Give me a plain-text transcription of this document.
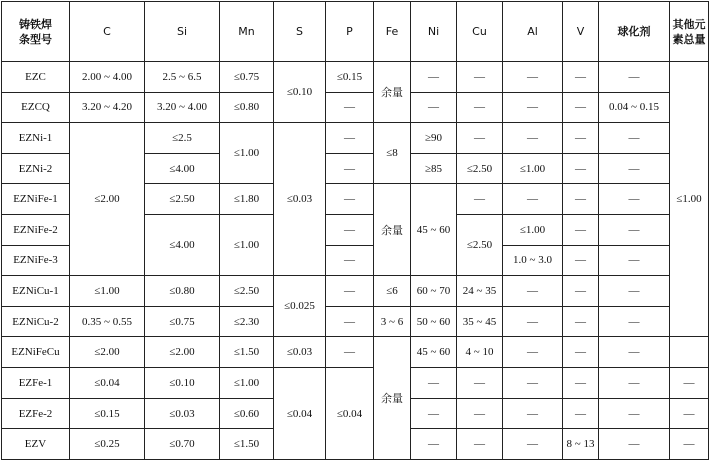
铸铁焊
条型号	C	Si	Mn	S	P	Fe	Ni	Cu	Al	V	球化剂	其他元
素总量
EZC	2.00 ~ 4.00	2.5 ~ 6.5	≤0.75	≤0.10	≤0.15	余量	—	—	—	—	—	≤1.00
EZCQ	3.20 ~ 4.20	3.20 ~ 4.00	≤0.80		—		—	—	—	—	0.04 ~ 0.15	
EZNi-1	≤2.00	≤2.5	≤1.00	≤0.03	—	≤8	≥90	—	—	—	—	
EZNi-2		≤4.00			—		≥85	≤2.50	≤1.00	—	—	
EZNiFe-1		≤2.50	≤1.80		—	余量	45 ~ 60	—	—	—	—	
EZNiFe-2		≤4.00	≤1.00		—			≤2.50	≤1.00	—	—	
EZNiFe-3					—				1.0 ~ 3.0	—	—	
EZNiCu-1	≤1.00	≤0.80	≤2.50	≤0.025	—	≤6	60 ~ 70	24 ~ 35	—	—	—	
EZNiCu-2	0.35 ~ 0.55	≤0.75	≤2.30		—	3 ~ 6	50 ~ 60	35 ~ 45	—	—	—	
EZNiFeCu	≤2.00	≤2.00	≤1.50	≤0.03	—	余量	45 ~ 60	4 ~ 10	—	—	—	
EZFe-1	≤0.04	≤0.10	≤1.00	≤0.04	≤0.04		—	—	—	—	—	—
EZFe-2	≤0.15	≤0.03	≤0.60				—	—	—	—	—	—
EZV	≤0.25	≤0.70	≤1.50				—	—	—	8 ~ 13	—	—
